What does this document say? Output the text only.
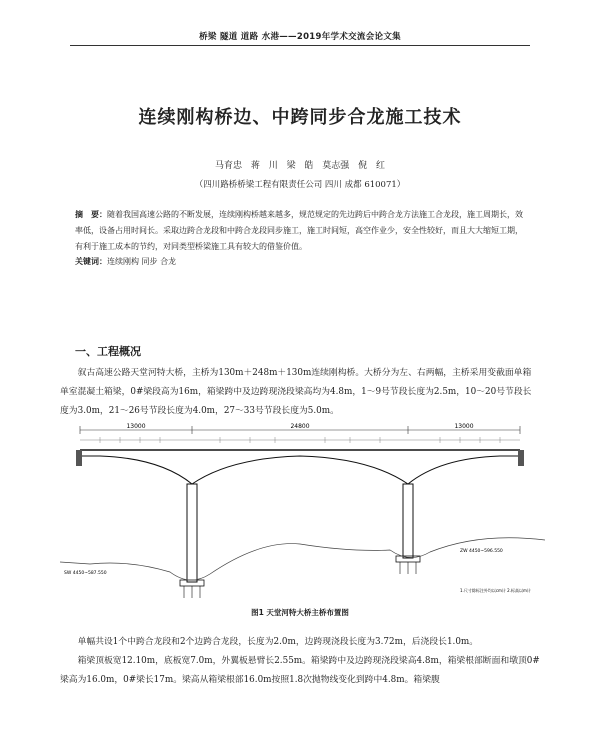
桥梁 隧道 道路 水港——2019年学术交流会论文集
连续刚构桥边、中跨同步合龙施工技术
马育忠 蒋 川 梁 皓 莫志强 倪 红
（四川路桥桥梁工程有限责任公司 四川 成都 610071）
摘　要：随着我国高速公路的不断发展，连续刚构桥越来越多，规范规定的先边跨后中跨合龙方法施工合龙段，施工周期长，效率低，设备占用时间长。采取边跨合龙段和中跨合龙段同步施工，施工时间短，高空作业少，安全性较好，而且大大缩短工期，有利于施工成本的节约，对同类型桥梁施工具有较大的借鉴价值。
关键词：连续刚构 同步 合龙
一、工程概况
叙古高速公路天堂河特大桥，主桥为130m＋248m＋130m连续刚构桥。大桥分为左、右两幅，主桥采用变截面单箱单室混凝土箱梁，0#梁段高为16m，箱梁跨中及边跨现浇段梁高均为4.8m，1～9号节段长度为2.5m，10～20号节段长度为3.0m，21～26号节段长度为4.0m，27～33号节段长度为5.0m。
13000	24800	13000
SW 4450~587.550
ZW 4450~596.550
1.尺寸除标注外均以cm计 2.标高以m计
图1 天堂河特大桥主桥布置图

单幅共设1个中跨合龙段和2个边跨合龙段，长度为2.0m，边跨现浇段长度为3.72m，后浇段长1.0m。

箱梁顶板宽12.10m，底板宽7.0m，外翼板悬臂长2.55m。箱梁跨中及边跨现浇段梁高4.8m，箱梁根部断面和墩顶0#梁高为16.0m，0#梁长17m。梁高从箱梁根部16.0m按照1.8次抛物线变化到跨中4.8m。箱梁腹
